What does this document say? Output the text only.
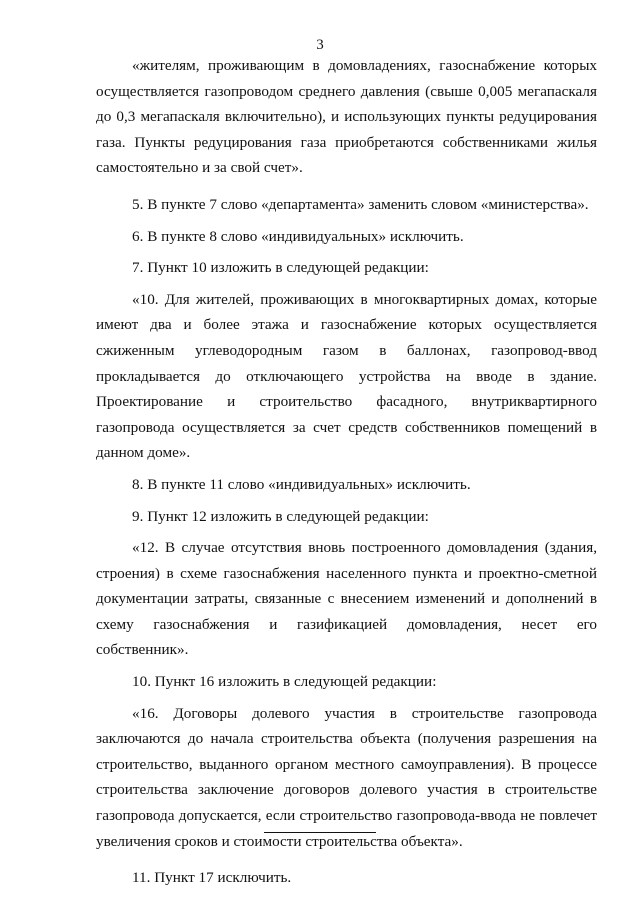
3

«жителям, проживающим в домовладениях, газоснабжение которых осуществляется газопроводом среднего давления (свыше 0,005 мегапаскаля до 0,3 мегапаскаля включительно), и использующих пункты редуцирования газа. Пункты редуцирования газа приобретаются собственниками жилья самостоятельно и за свой счет».

5. В пункте 7 слово «департамента» заменить словом «министерства».

6. В пункте 8 слово «индивидуальных» исключить.

7. Пункт 10 изложить в следующей редакции:

«10. Для жителей, проживающих в многоквартирных домах, которые имеют два и более этажа и газоснабжение которых осуществляется сжиженным углеводородным газом в баллонах, газопровод-ввод прокладывается до отключающего устройства на вводе в здание. Проектирование и строительство фасадного, внутриквартирного газопровода осуществляется за счет средств собственников помещений в данном доме».

8. В пункте 11 слово «индивидуальных» исключить.

9. Пункт 12 изложить в следующей редакции:

«12. В случае отсутствия вновь построенного домовладения (здания, строения) в схеме газоснабжения населенного пункта и проектно-сметной документации затраты, связанные с внесением изменений и дополнений в схему газоснабжения и газификацией домовладения, несет его собственник».

10. Пункт 16 изложить в следующей редакции:

«16. Договоры долевого участия в строительстве газопровода заключаются до начала строительства объекта (получения разрешения на строительство, выданного органом местного самоуправления). В процессе строительства заключение договоров долевого участия в строительстве газопровода допускается, если строительство газопровода-ввода не повлечет увеличения сроков и стоимости строительства объекта».

11. Пункт 17 исключить.
